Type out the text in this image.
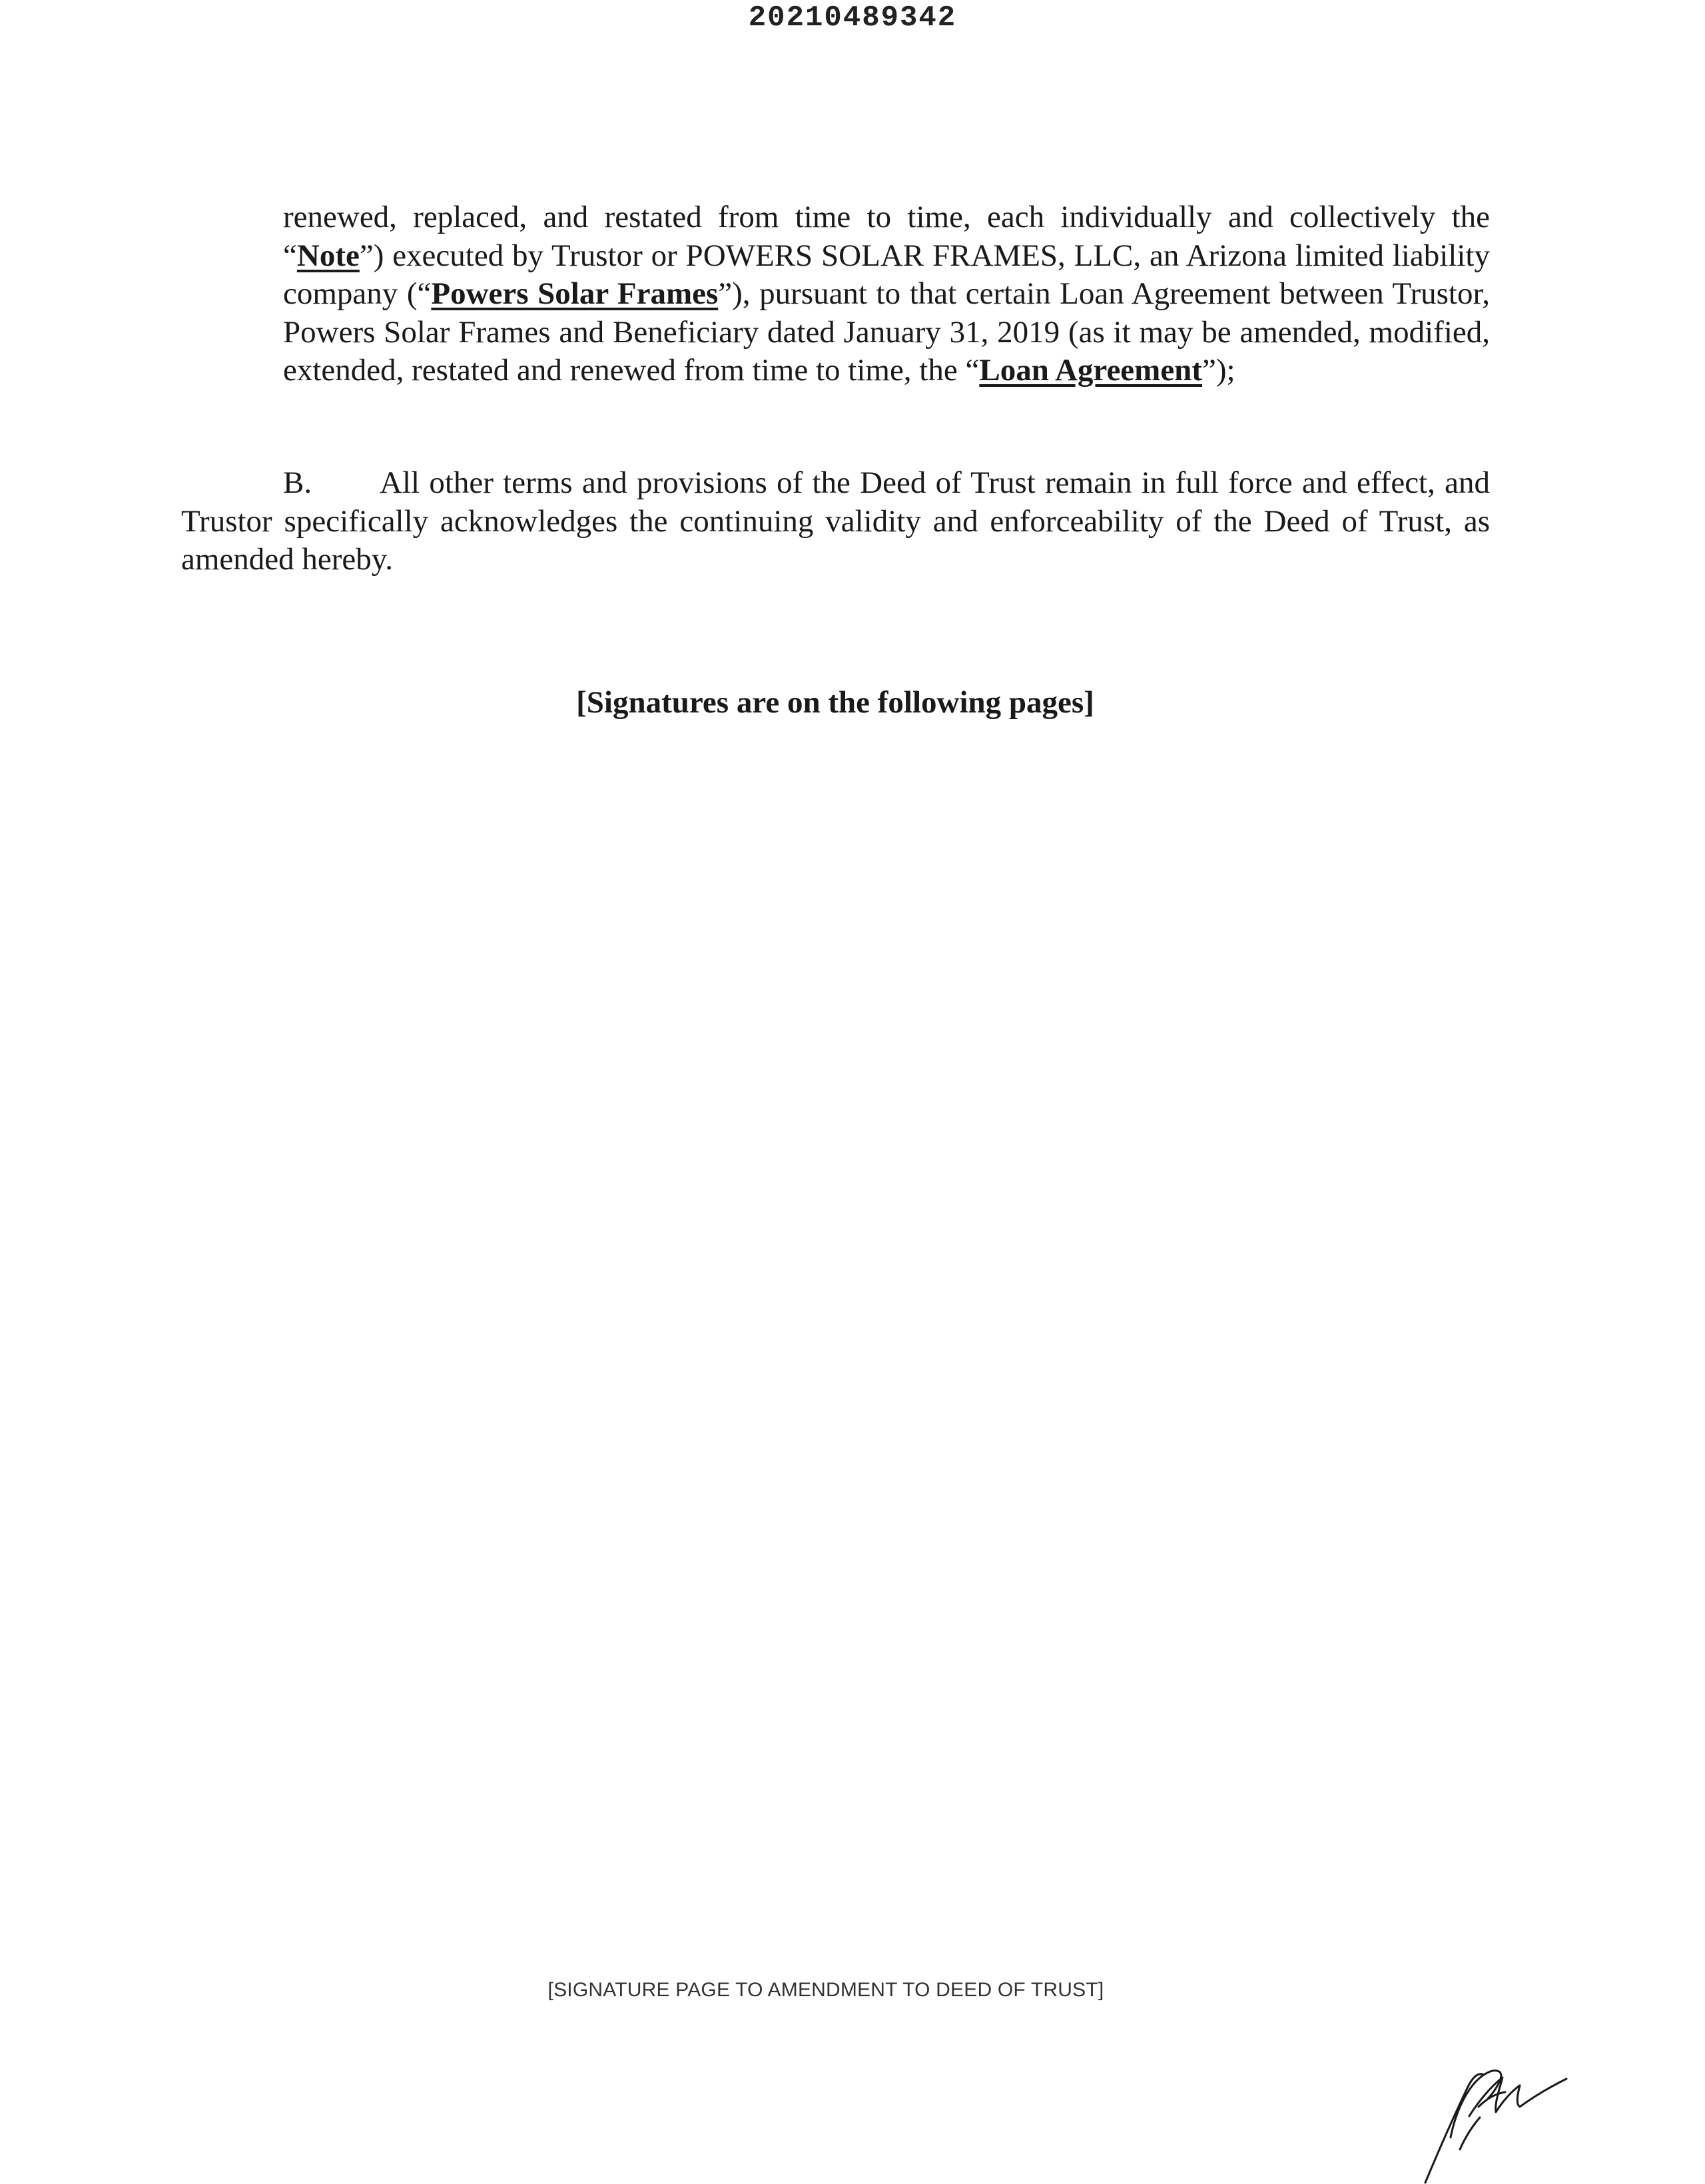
20210489342

renewed, replaced, and restated from time to time, each individually and collectively the “Note”) executed by Trustor or POWERS SOLAR FRAMES, LLC, an Arizona limited liability company (“Powers Solar Frames”), pursuant to that certain Loan Agreement between Trustor, Powers Solar Frames and Beneficiary dated January 31, 2019 (as it may be amended, modified, extended, restated and renewed from time to time, the “Loan Agreement”);

B. All other terms and provisions of the Deed of Trust remain in full force and effect, and Trustor specifically acknowledges the continuing validity and enforceability of the Deed of Trust, as amended hereby.

[Signatures are on the following pages]
[SIGNATURE PAGE TO AMENDMENT TO DEED OF TRUST]
